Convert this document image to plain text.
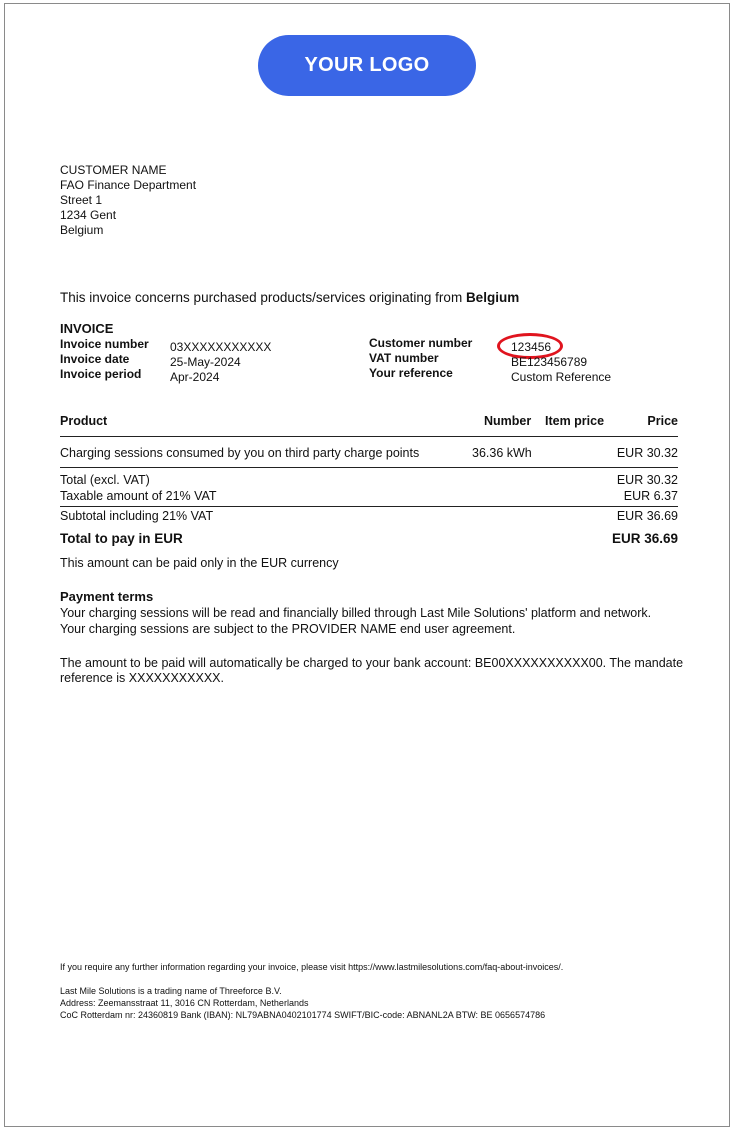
YOUR LOGO
CUSTOMER NAME
FAO Finance Department
Street 1
1234 Gent
Belgium
This invoice concerns purchased products/services originating from Belgium
INVOICE
Invoice number 03XXXXXXXXXXX
Invoice date	25-May-2024
Invoice period Apr-2024
Customer number	123456
VAT number	BE123456789
Your reference	Custom Reference
Product	Number Item price	Price
Charging sessions consumed by you on third party charge points	36.36 kWh	EUR 30.32
Total (excl. VAT)	EUR 30.32
Taxable amount of 21% VAT	EUR 6.37
Subtotal including 21% VAT	EUR 36.69
Total to pay in EUR	EUR 36.69
This amount can be paid only in the EUR currency
Payment terms
Your charging sessions will be read and financially billed through Last Mile Solutions' platform and network.
Your charging sessions are subject to the PROVIDER NAME end user agreement.
The amount to be paid will automatically be charged to your bank account: BE00XXXXXXXXXX00. The mandate
reference is XXXXXXXXXXX.
If you require any further information regarding your invoice, please visit https://www.lastmilesolutions.com/faq-about-invoices/.
Last Mile Solutions is a trading name of Threeforce B.V.
Address: Zeemansstraat 11, 3016 CN Rotterdam, Netherlands
CoC Rotterdam nr: 24360819 Bank (IBAN): NL79ABNA0402101774 SWIFT/BIC-code: ABNANL2A BTW: BE 0656574786
